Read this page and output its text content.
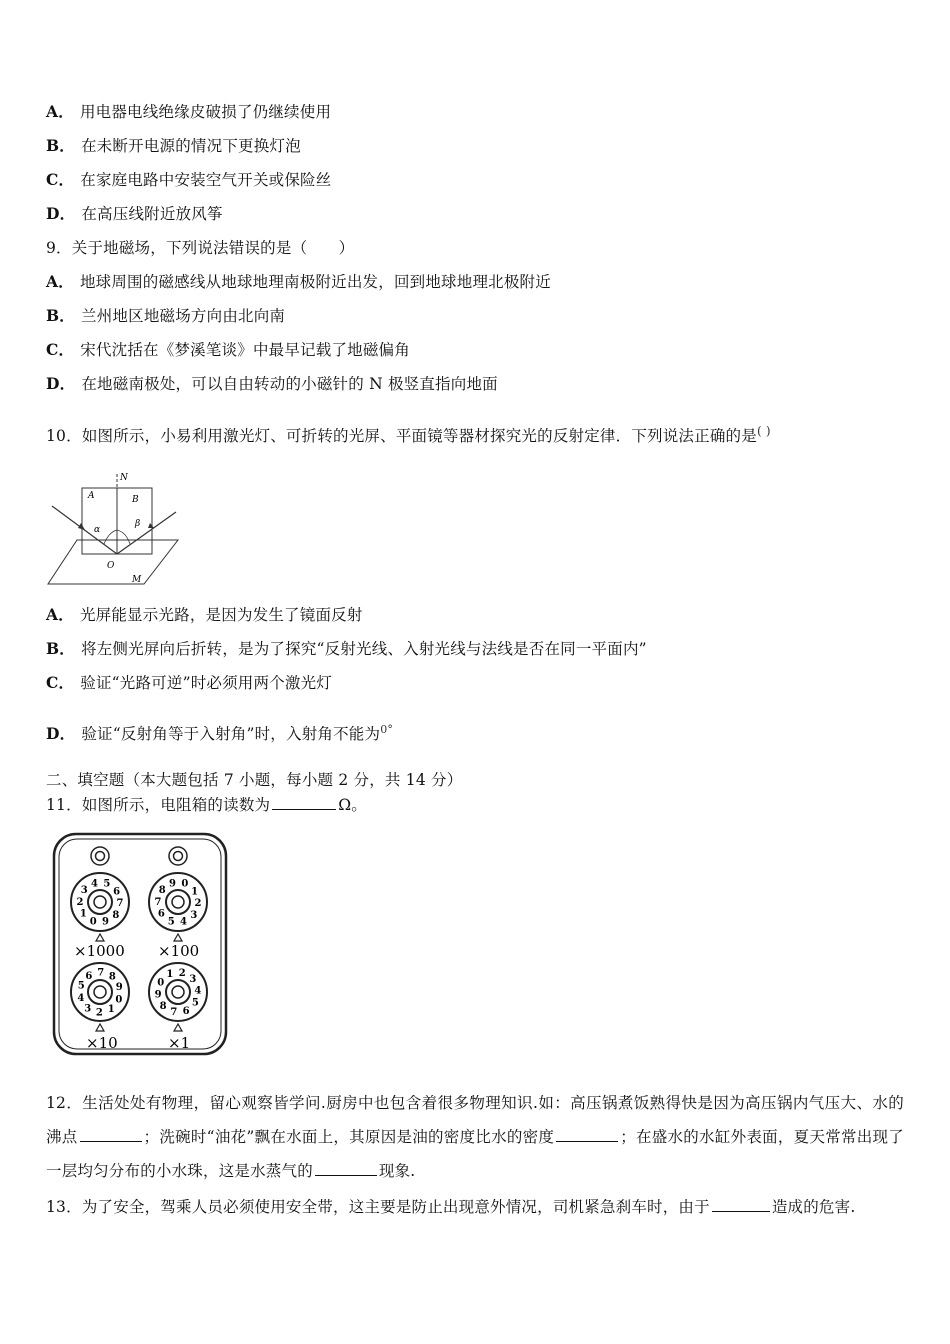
A． 用电器电线绝缘皮破损了仍继续使用
B． 在未断开电源的情况下更换灯泡
C． 在家庭电路中安装空气开关或保险丝
D． 在高压线附近放风筝
9．关于地磁场，下列说法错误的是（　　）
A． 地球周围的磁感线从地球地理南极附近出发，回到地球地理北极附近
B． 兰州地区地磁场方向由北向南
C． 宋代沈括在《梦溪笔谈》中最早记载了地磁偏角
D． 在地磁南极处，可以自由转动的小磁针的 N 极竖直指向地面
10．如图所示，小易利用激光灯、可折转的光屏、平面镜等器材探究光的反射定律．下列说法正确的是( )
N
A	B
α
β
O
M
A． 光屏能显示光路，是因为发生了镜面反射
B． 将左侧光屏向后折转，是为了探究“反射光线、入射光线与法线是否在同一平面内”
C． 验证“光路可逆”时必须用两个激光灯
D． 验证“反射角等于入射角”时，入射角不能为0°
二、填空题（本大题包括 7 小题，每小题 2 分，共 14 分）
11．如图所示，电阻箱的读数为	Ω。
0
1
2
3
4 5
6
7
8
9
0
1
2
3
4
5
6
7
8
9
0
1
2
3
4
5
6 7 8
9	0
1 2
3
4
5
6
7
8
9
×1000 ×100
×10	×1
12．生活处处有物理，留心观察皆学问.厨房中也包含着很多物理知识.如：高压锅煮饭熟得快是因为高压锅内气压大、水的沸点	；洗碗时“油花”飘在水面上，其原因是油的密度比水的密度	；在盛水的水缸外表面，夏天常常出现了一层均匀分布的小水珠，这是水蒸气的	现象.
13．为了安全，驾乘人员必须使用安全带，这主要是防止出现意外情况，司机紧急刹车时，由于	造成的危害.
